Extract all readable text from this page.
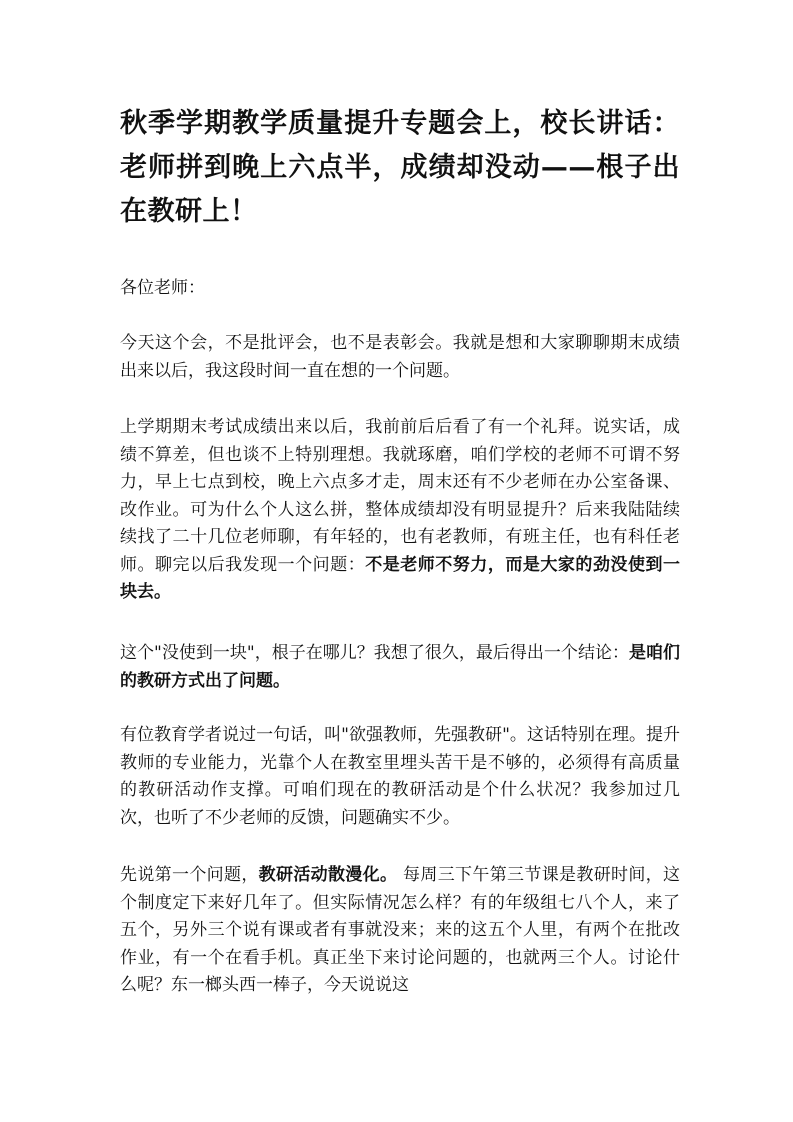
秋季学期教学质量提升专题会上，校长讲话：老师拼到晚上六点半，成绩却没动——根子出在教研上！

各位老师：

今天这个会，不是批评会，也不是表彰会。我就是想和大家聊聊期末成绩出来以后，我这段时间一直在想的一个问题。

上学期期末考试成绩出来以后，我前前后后看了有一个礼拜。说实话，成绩不算差，但也谈不上特别理想。我就琢磨，咱们学校的老师不可谓不努力，早上七点到校，晚上六点多才走，周末还有不少老师在办公室备课、改作业。可为什么个人这么拼，整体成绩却没有明显提升？后来我陆陆续续找了二十几位老师聊，有年轻的，也有老教师，有班主任，也有科任老师。聊完以后我发现一个问题：不是老师不努力，而是大家的劲没使到一块去。

这个"没使到一块"，根子在哪儿？我想了很久，最后得出一个结论：是咱们的教研方式出了问题。

有位教育学者说过一句话，叫"欲强教师，先强教研"。这话特别在理。提升教师的专业能力，光靠个人在教室里埋头苦干是不够的，必须得有高质量的教研活动作支撑。可咱们现在的教研活动是个什么状况？我参加过几次，也听了不少老师的反馈，问题确实不少。

先说第一个问题，教研活动散漫化。 每周三下午第三节课是教研时间，这个制度定下来好几年了。但实际情况怎么样？有的年级组七八个人，来了五个，另外三个说有课或者有事就没来；来的这五个人里，有两个在批改作业，有一个在看手机。真正坐下来讨论问题的，也就两三个人。讨论什么呢？东一榔头西一棒子，今天说说这
